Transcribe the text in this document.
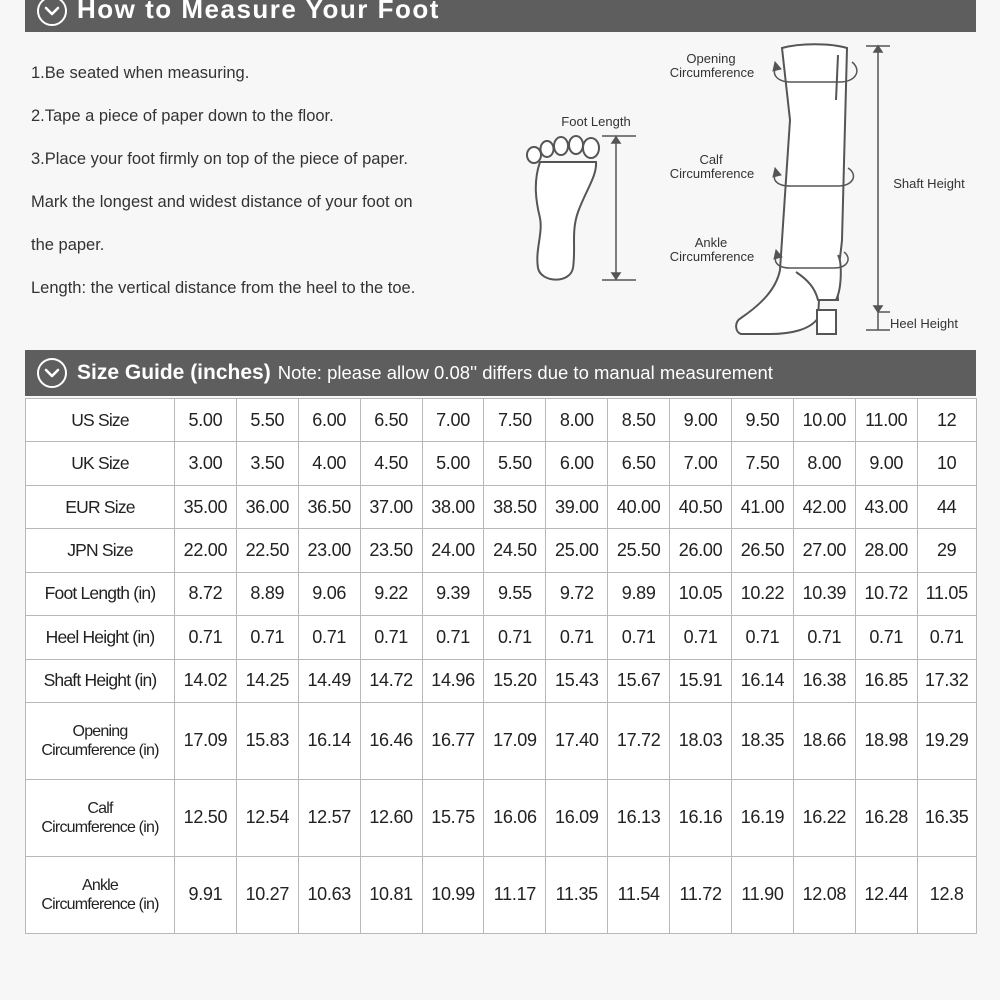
How to Measure Your Foot
1.Be seated when measuring.
2.Tape a piece of paper down to the floor.
3.Place your foot firmly on top of the piece of paper.
Mark the longest and widest distance of your foot on
the paper.
Length: the vertical distance from the heel to the toe.
Foot Length
Opening
Circumference
Calf
Circumference
Ankle
Circumference
Shaft Height
Heel Height
Size Guide (inches) Note: please allow 0.08'' differs due to manual measurement
US Size	5.00	5.50	6.00	6.50	7.00	7.50	8.00	8.50	9.00	9.50	10.00	11.00	12

UK Size	3.00	3.50	4.00	4.50	5.00	5.50	6.00	6.50	7.00	7.50	8.00	9.00	10

EUR Size	35.00	36.00	36.50	37.00	38.00	38.50	39.00	40.00	40.50	41.00	42.00	43.00	44

JPN Size	22.00	22.50	23.00	23.50	24.00	24.50	25.00	25.50	26.00	26.50	27.00	28.00	29

Foot Length (in)	8.72	8.89	9.06	9.22	9.39	9.55	9.72	9.89	10.05	10.22	10.39	10.72	11.05

Heel Height (in)	0.71	0.71	0.71	0.71	0.71	0.71	0.71	0.71	0.71	0.71	0.71	0.71	0.71

Shaft Height (in)	14.02	14.25	14.49	14.72	14.96	15.20	15.43	15.67	15.91	16.14	16.38	16.85	17.32

Opening
Circumference (in)	17.09	15.83	16.14	16.46	16.77	17.09	17.40	17.72	18.03	18.35	18.66	18.98	19.29

Calf
Circumference (in)	12.50	12.54	12.57	12.60	15.75	16.06	16.09	16.13	16.16	16.19	16.22	16.28	16.35

Ankle
Circumference (in)	9.91	10.27	10.63	10.81	10.99	11.17	11.35	11.54	11.72	11.90	12.08	12.44	12.8
